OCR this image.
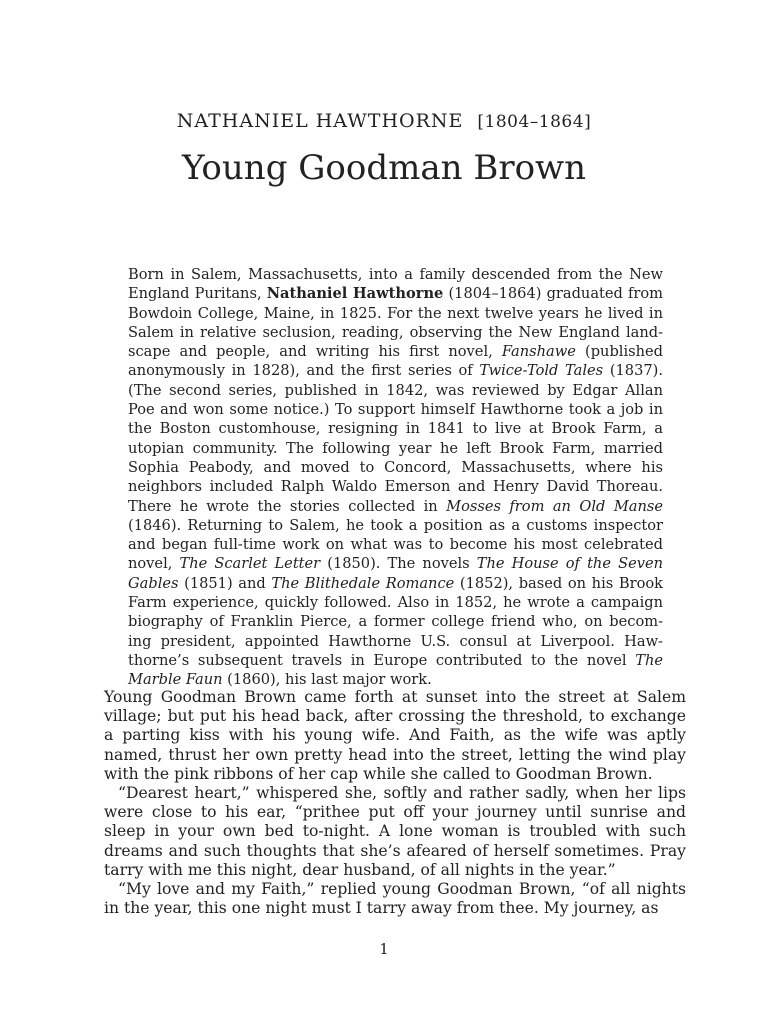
NATHANIEL HAWTHORNE [1804–1864]
Young Goodman Brown

Born in Salem, Massachusetts, into a family descended from the New England Puritans, Nathaniel Hawthorne (1804–1864) graduated from Bowdoin College, Maine, in 1825. For the next twelve years he lived in Salem in relative seclusion, reading, observing the New England land-scape and people, and writing his first novel, Fanshawe (published anonymously in 1828), and the first series of Twice-Told Tales (1837). (The second series, published in 1842, was reviewed by Edgar Allan Poe and won some notice.) To support himself Hawthorne took a job in the Boston customhouse, resigning in 1841 to live at Brook Farm, a utopian community. The following year he left Brook Farm, married Sophia Peabody, and moved to Concord, Massachusetts, where his neighbors included Ralph Waldo Emerson and Henry David Thoreau. There he wrote the stories collected in Mosses from an Old Manse (1846). Returning to Salem, he took a position as a customs inspector and began full-time work on what was to become his most celebrated novel, The Scarlet Letter (1850). The novels The House of the Seven Gables (1851) and The Blithedale Romance (1852), based on his Brook Farm experience, quickly followed. Also in 1852, he wrote a campaign biography of Franklin Pierce, a former college friend who, on becom-ing president, appointed Hawthorne U.S. consul at Liverpool. Haw-thorne’s subsequent travels in Europe contributed to the novel The Marble Faun (1860), his last major work.

Young Goodman Brown came forth at sunset into the street at Salem village; but put his head back, after crossing the threshold, to exchange a parting kiss with his young wife. And Faith, as the wife was aptly named, thrust her own pretty head into the street, letting the wind play with the pink ribbons of her cap while she called to Goodman Brown.

“Dearest heart,” whispered she, softly and rather sadly, when her lips were close to his ear, “prithee put off your journey until sunrise and sleep in your own bed to-night. A lone woman is troubled with such dreams and such thoughts that she’s afeared of herself sometimes. Pray tarry with me this night, dear husband, of all nights in the year.”

“My love and my Faith,” replied young Goodman Brown, “of all nights in the year, this one night must I tarry away from thee. My journey, as

1
